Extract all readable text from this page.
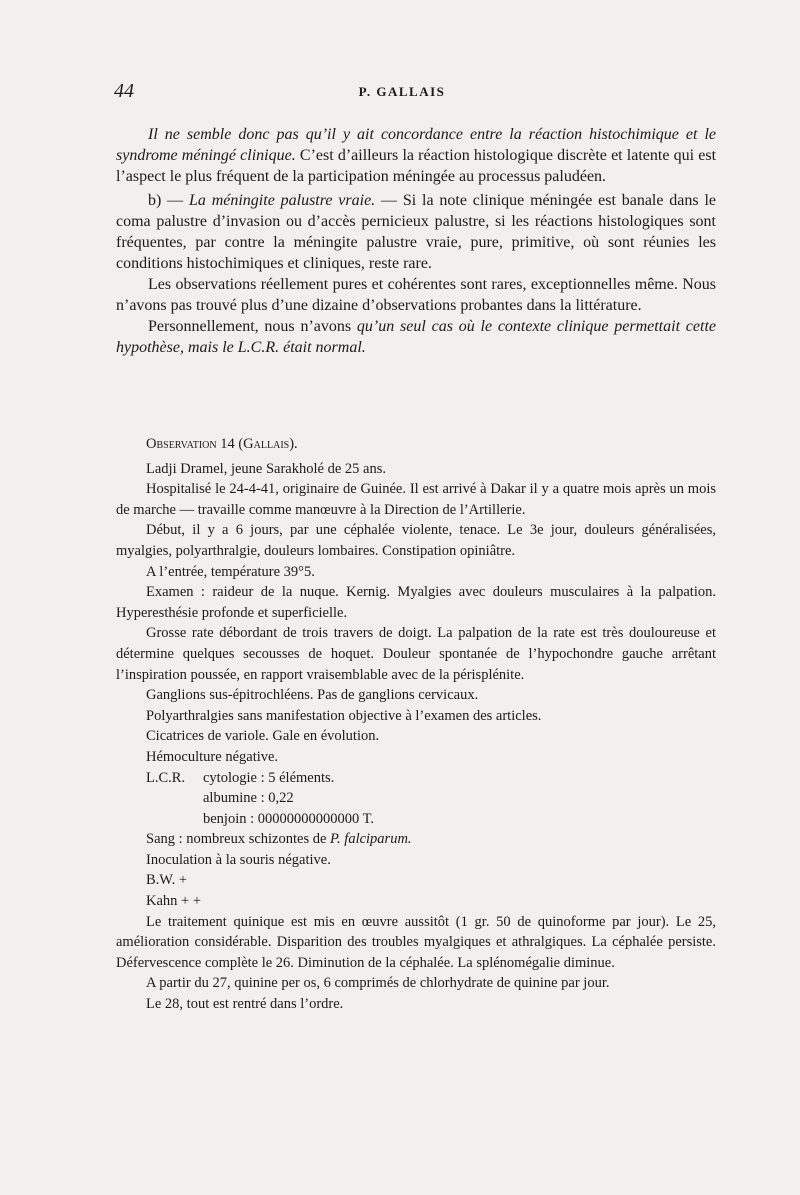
44	P. GALLAIS

Il ne semble donc pas qu’il y ait concordance entre la réaction histochimique et le syndrome méningé clinique. C’est d’ailleurs la réaction histologique discrète et latente qui est l’aspect le plus fréquent de la participation méningée au processus paludéen.

b) — La méningite palustre vraie. — Si la note clinique méningée est banale dans le coma palustre d’invasion ou d’accès pernicieux palustre, si les réactions histologiques sont fréquentes, par contre la méningite palustre vraie, pure, primitive, où sont réunies les conditions histochimiques et cliniques, reste rare.

Les observations réellement pures et cohérentes sont rares, exceptionnelles même. Nous n’avons pas trouvé plus d’une dizaine d’observations probantes dans la littérature.

Personnellement, nous n’avons qu’un seul cas où le contexte clinique permettait cette hypothèse, mais le L.C.R. était normal.

Observation 14 (Gallais).

Ladji Dramel, jeune Sarakholé de 25 ans.

Hospitalisé le 24-4-41, originaire de Guinée. Il est arrivé à Dakar il y a quatre mois après un mois de marche — travaille comme manœuvre à la Direction de l’Artillerie.

Début, il y a 6 jours, par une céphalée violente, tenace. Le 3e jour, douleurs généralisées, myalgies, polyarthralgie, douleurs lombaires. Constipation opiniâtre.

A l’entrée, température 39°5.

Examen : raideur de la nuque. Kernig. Myalgies avec douleurs musculaires à la palpation. Hyperesthésie profonde et superficielle.

Grosse rate débordant de trois travers de doigt. La palpation de la rate est très douloureuse et détermine quelques secousses de hoquet. Douleur spontanée de l’hypochondre gauche arrêtant l’inspiration poussée, en rapport vraisemblable avec de la périsplénite.

Ganglions sus-épitrochléens. Pas de ganglions cervicaux.

Polyarthralgies sans manifestation objective à l’examen des articles.

Cicatrices de variole. Gale en évolution.

Hémoculture négative.

L.C.R.	cytologie : 5 éléments.
albumine : 0,22
benjoin : 00000000000000 T.

Sang : nombreux schizontes de P. falciparum.

Inoculation à la souris négative.

B.W. +

Kahn + +

Le traitement quinique est mis en œuvre aussitôt (1 gr. 50 de quinoforme par jour). Le 25, amélioration considérable. Disparition des troubles myalgiques et athralgiques. La céphalée persiste. Défervescence complète le 26. Diminution de la céphalée. La splénomégalie diminue.

A partir du 27, quinine per os, 6 comprimés de chlorhydrate de quinine par jour.

Le 28, tout est rentré dans l’ordre.
